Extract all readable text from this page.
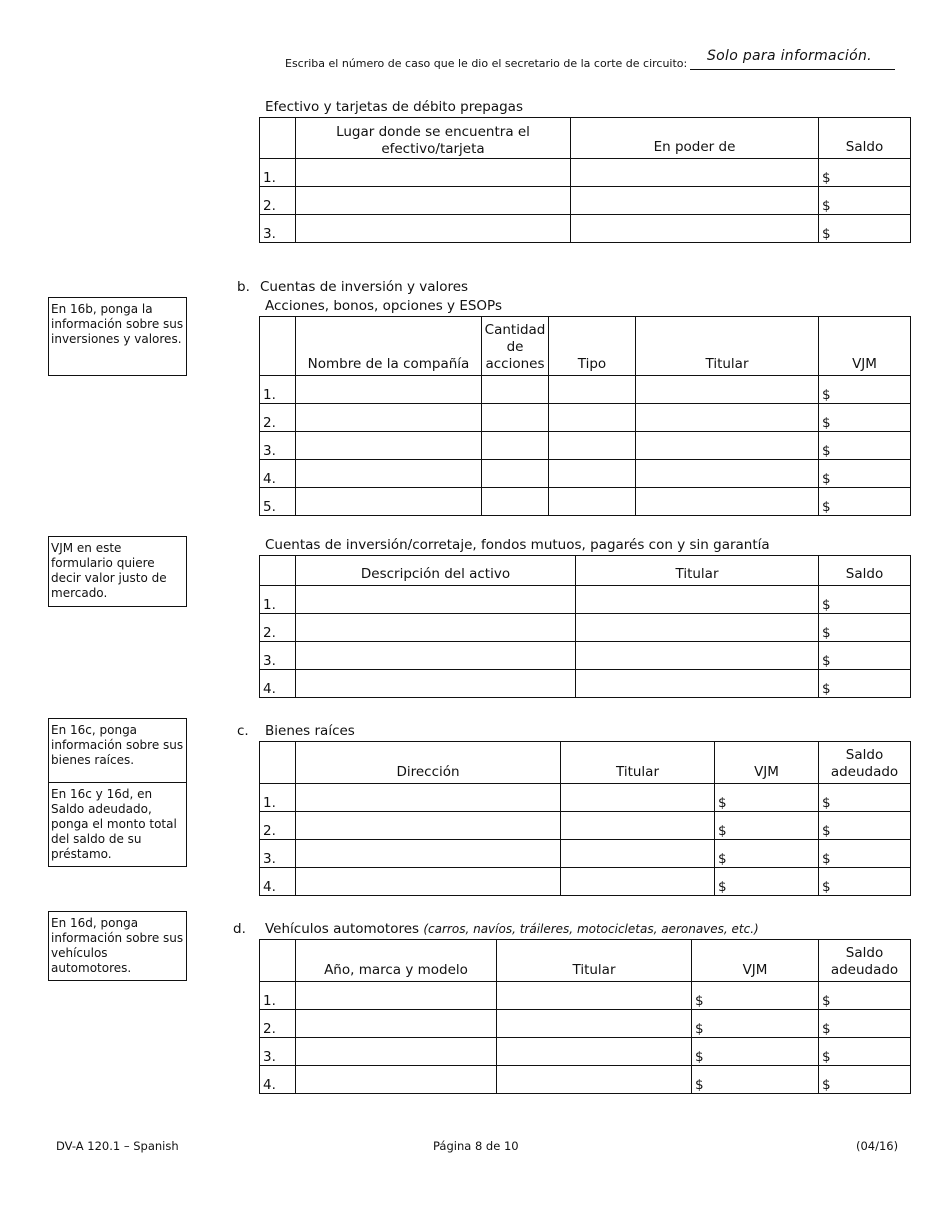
Escriba el número de caso que le dio el secretario de la corte de circuito: Solo para información.
Efectivo y tarjetas de débito prepagas
	Lugar donde se encuentra el efectivo/tarjeta	En poder de	Saldo
1.			$
2.			$
3.			$
b. Cuentas de inversión y valores
Acciones, bonos, opciones y ESOPs
En 16b, ponga la información sobre sus inversiones y valores.
	Nombre de la compañía	Cantidad de acciones	Tipo	Titular	VJM
1.					$
2.					$
3.					$
4.					$
5.					$
VJM en este formulario quiere decir valor justo de mercado.
Cuentas de inversión/corretaje, fondos mutuos, pagarés con y sin garantía
	Descripción del activo	Titular	Saldo
1.			$
2.			$
3.			$
4.			$
En 16c, ponga información sobre sus bienes raíces.
En 16c y 16d, en Saldo adeudado, ponga el monto total del saldo de su préstamo.
c. Bienes raíces
	Dirección	Titular	VJM	Saldo adeudado
1.			$	$
2.			$	$
3.			$	$
4.			$	$
En 16d, ponga información sobre sus vehículos automotores.
d. Vehículos automotores (carros, navíos, tráileres, motocicletas, aeronaves, etc.)
	Año, marca y modelo	Titular	VJM	Saldo adeudado
1.			$	$
2.			$	$
3.			$	$
4.			$	$
DV-A 120.1 – Spanish	Página 8 de 10	(04/16)
